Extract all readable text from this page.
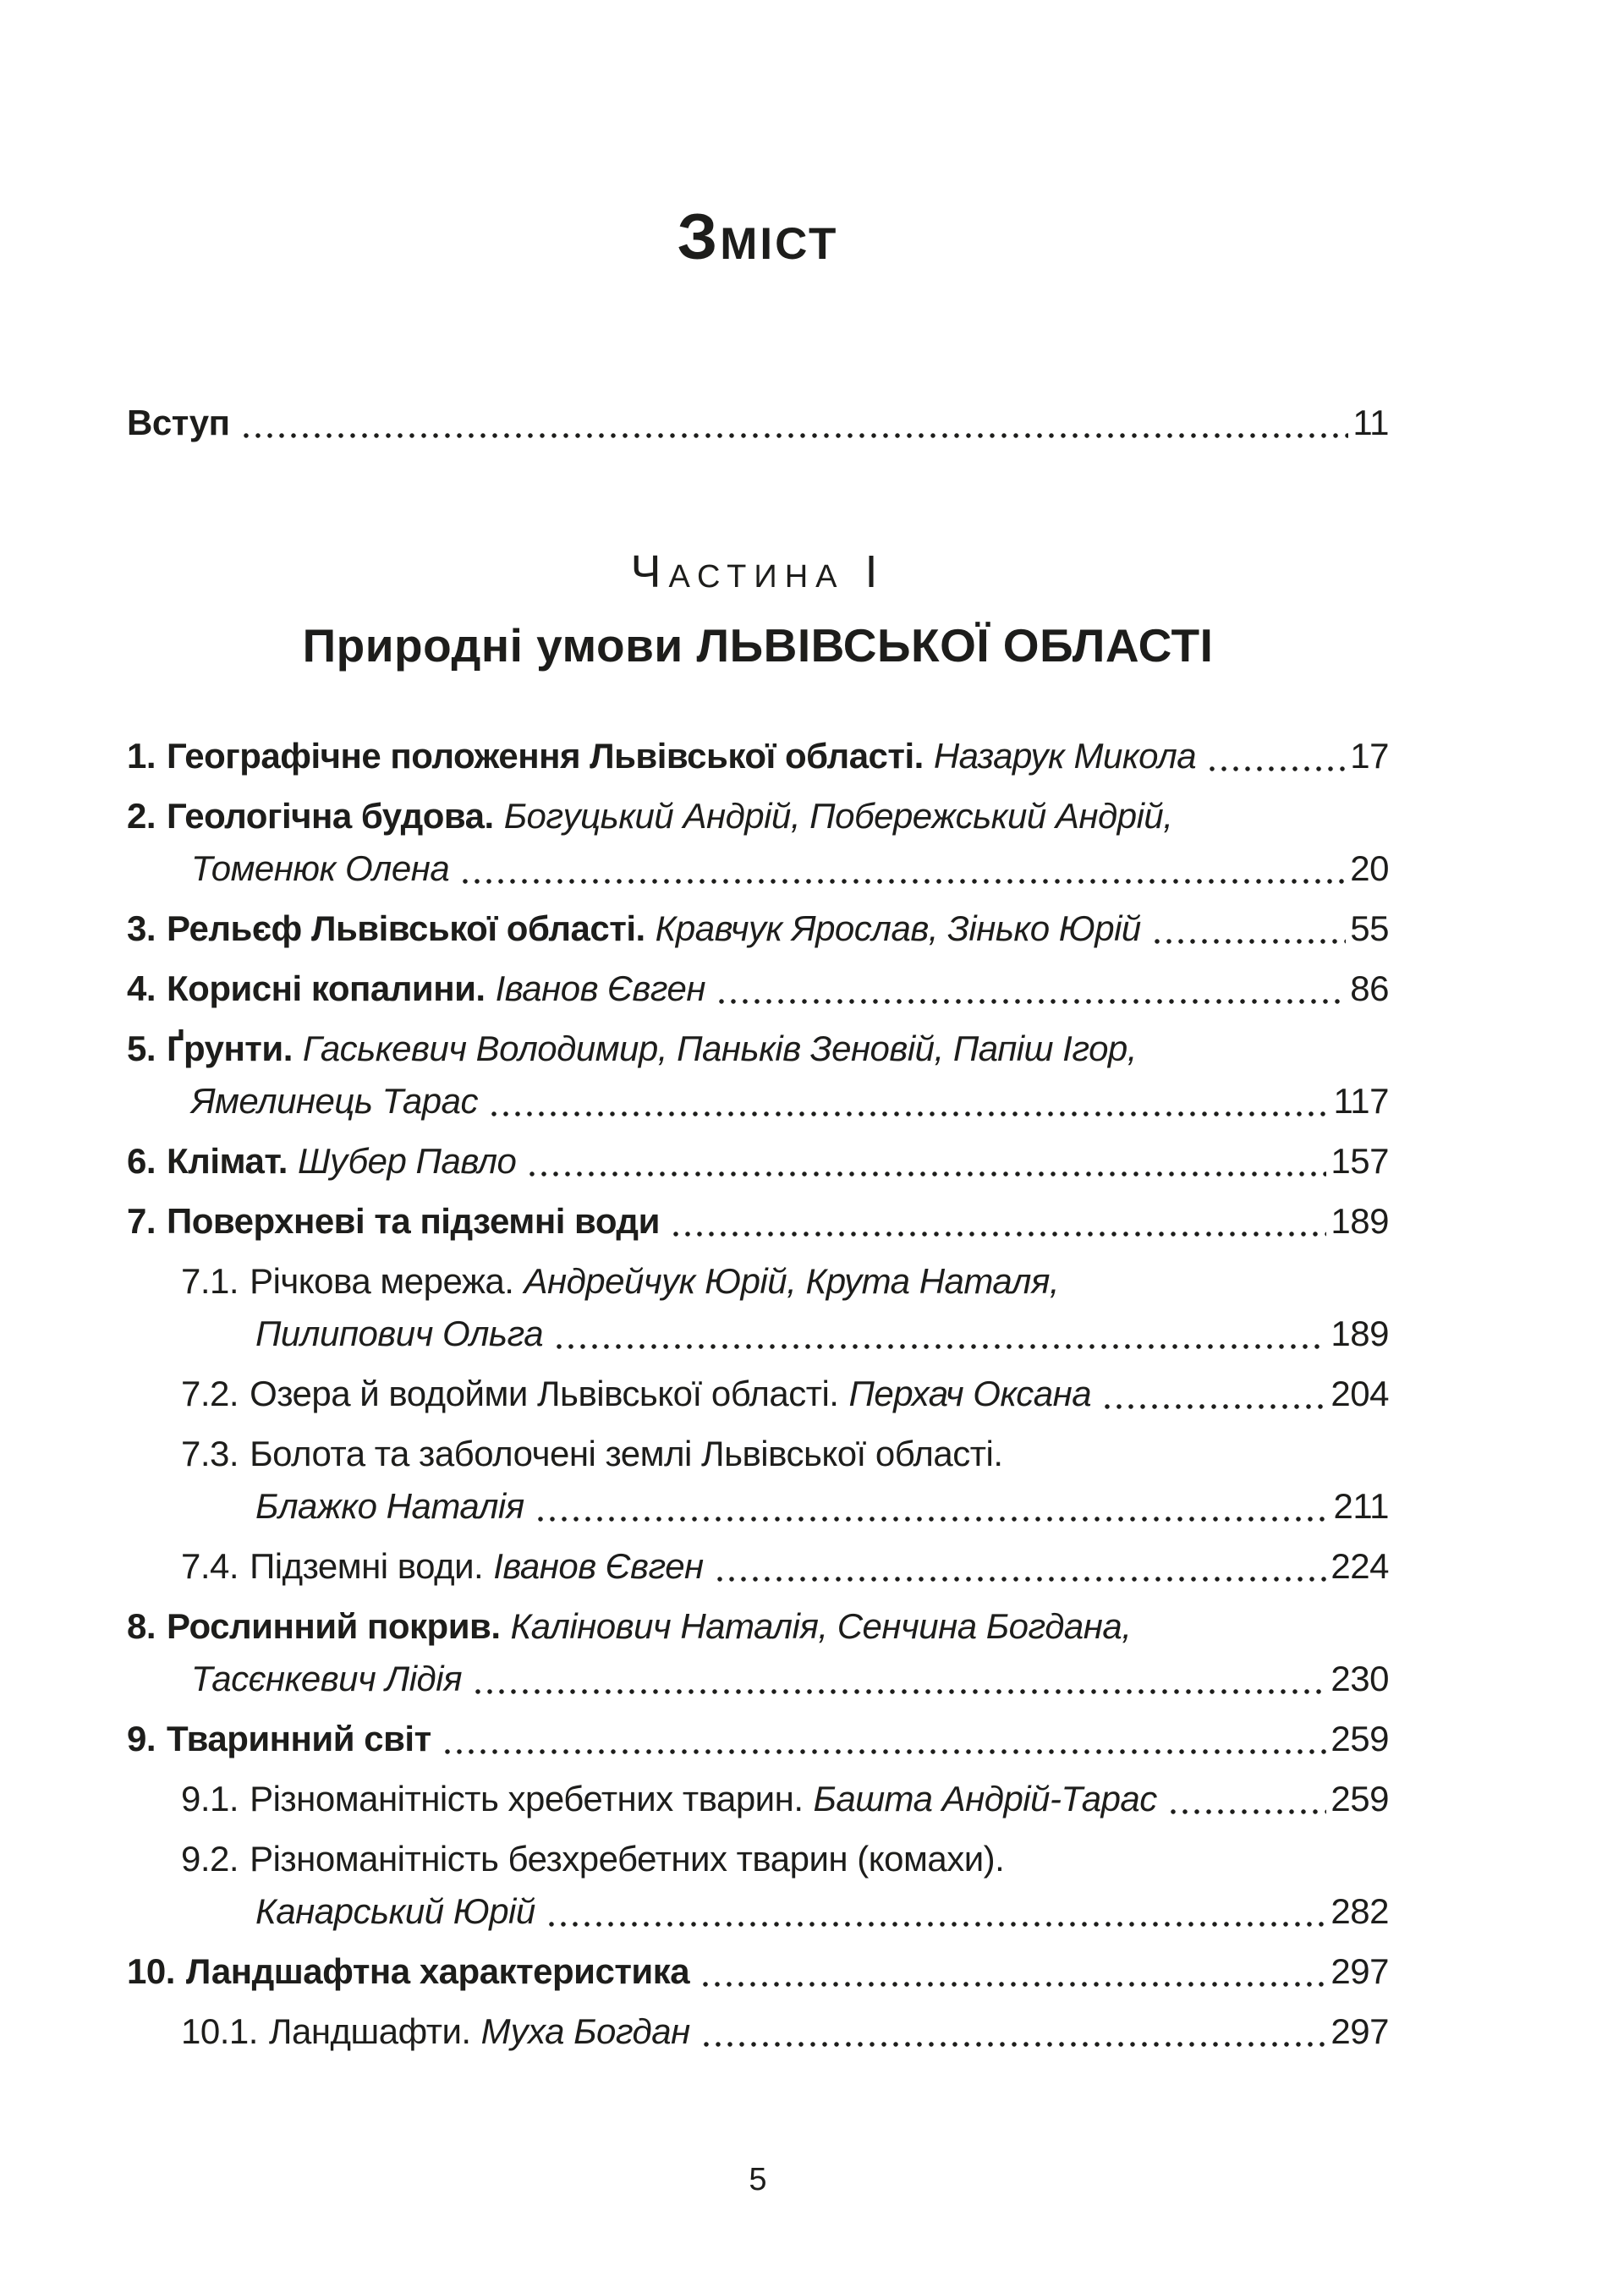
Зміст
Вступ	11
Частина I
Природні умови ЛЬВІВСЬКОЇ ОБЛАСТІ
1. Географічне положення Львівської області. Назарук Микола	17
2. Геологічна будова. Богуцький Андрій, Побережський Андрій,
Томенюк Олена	20
3. Рельєф Львівської області. Кравчук Ярослав, Зінько Юрій	55
4. Корисні копалини. Іванов Євген	86
5. Ґрунти. Гаськевич Володимир, Паньків Зеновій, Папіш Ігор,
Ямелинець Тарас	117
6. Клімат. Шубер Павло	157
7. Поверхневі та підземні води	189
7.1. Річкова мережа. Андрейчук Юрій, Крута Наталя,
Пилипович Ольга	189
7.2. Озера й водойми Львівської області. Перхач Оксана	204
7.3. Болота та заболочені землі Львівської області.
Блажко Наталія	211
7.4. Підземні води. Іванов Євген	224
8. Рослинний покрив. Калінович Наталія, Сенчина Богдана,
Тасєнкевич Лідія	230
9. Тваринний світ	259
9.1. Різноманітність хребетних тварин. Башта Андрій-Тарас	259
9.2. Різноманітність безхребетних тварин (комахи).
Канарський Юрій	282
10. Ландшафтна характеристика	297
10.1. Ландшафти. Муха Богдан	297
5
